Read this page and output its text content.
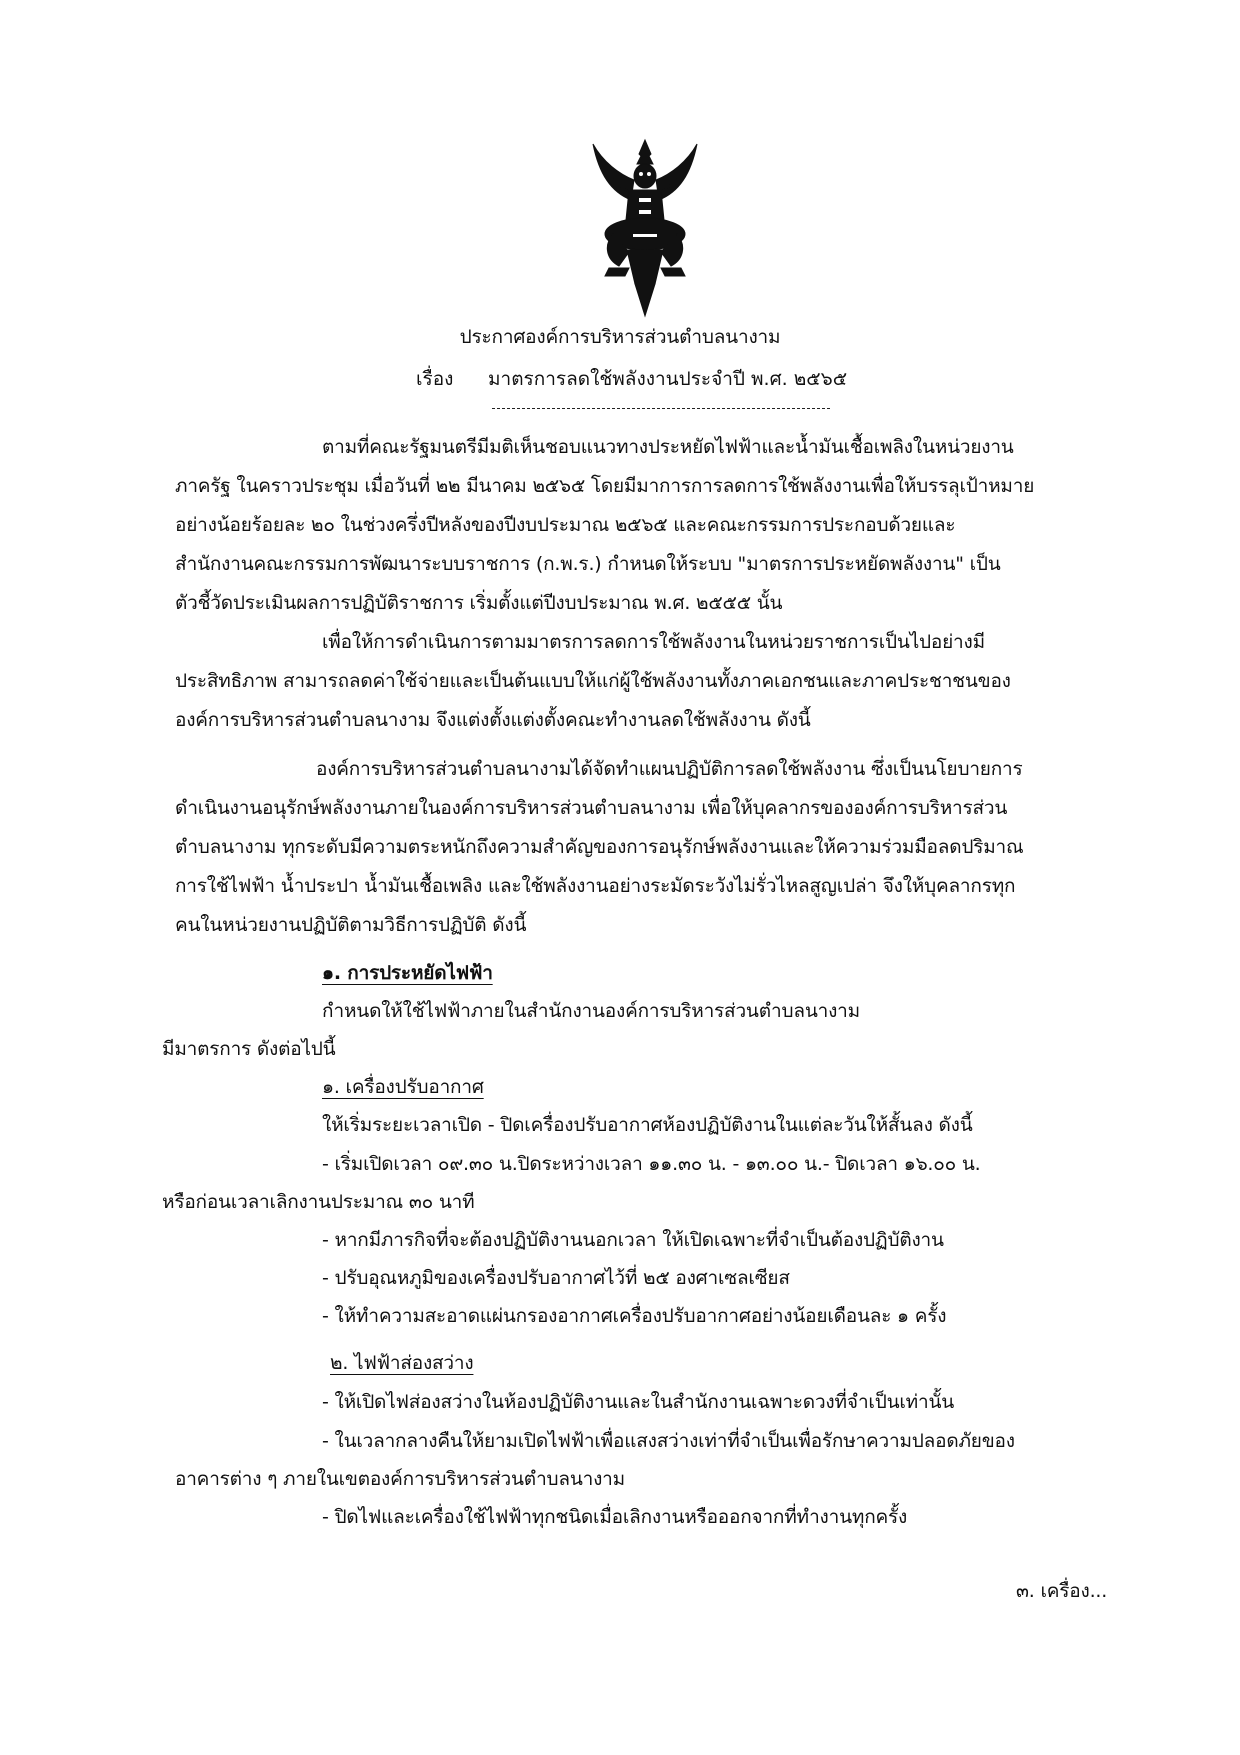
ประกาศองค์การบริหารส่วนตำบลนางาม
เรื่อง มาตรการลดใช้พลังงานประจำปี พ.ศ. ๒๕๖๕
ตามที่คณะรัฐมนตรีมีมติเห็นชอบแนวทางประหยัดไฟฟ้าและน้ำมันเชื้อเพลิงในหน่วยงาน
ภาครัฐ ในคราวประชุม เมื่อวันที่ ๒๒ มีนาคม ๒๕๖๕ โดยมีมาการการลดการใช้พลังงานเพื่อให้บรรลุเป้าหมาย
อย่างน้อยร้อยละ ๒๐ ในช่วงครึ่งปีหลังของปีงบประมาณ ๒๕๖๕ และคณะกรรมการประกอบด้วยและ
สำนักงานคณะกรรมการพัฒนาระบบราชการ (ก.พ.ร.) กำหนดให้ระบบ "มาตรการประหยัดพลังงาน" เป็น
ตัวชี้วัดประเมินผลการปฏิบัติราชการ เริ่มตั้งแต่ปีงบประมาณ พ.ศ. ๒๕๕๕ นั้น
เพื่อให้การดำเนินการตามมาตรการลดการใช้พลังงานในหน่วยราชการเป็นไปอย่างมี
ประสิทธิภาพ สามารถลดค่าใช้จ่ายและเป็นต้นแบบให้แก่ผู้ใช้พลังงานทั้งภาคเอกชนและภาคประชาชนของ
องค์การบริหารส่วนตำบลนางาม จึงแต่งตั้งแต่งตั้งคณะทำงานลดใช้พลังงาน ดังนี้
องค์การบริหารส่วนตำบลนางามได้จัดทำแผนปฏิบัติการลดใช้พลังงาน ซึ่งเป็นนโยบายการ
ดำเนินงานอนุรักษ์พลังงานภายในองค์การบริหารส่วนตำบลนางาม เพื่อให้บุคลากรขององค์การบริหารส่วน
ตำบลนางาม ทุกระดับมีความตระหนักถึงความสำคัญของการอนุรักษ์พลังงานและให้ความร่วมมือลดปริมาณ
การใช้ไฟฟ้า น้ำประปา น้ำมันเชื้อเพลิง และใช้พลังงานอย่างระมัดระวังไม่รั่วไหลสูญเปล่า จึงให้บุคลากรทุก
คนในหน่วยงานปฏิบัติตามวิธีการปฏิบัติ ดังนี้
๑. การประหยัดไฟฟ้า
กำหนดให้ใช้ไฟฟ้าภายในสำนักงานองค์การบริหารส่วนตำบลนางาม
มีมาตรการ ดังต่อไปนี้
๑. เครื่องปรับอากาศ
ให้เริ่มระยะเวลาเปิด - ปิดเครื่องปรับอากาศห้องปฏิบัติงานในแต่ละวันให้สั้นลง ดังนี้
- เริ่มเปิดเวลา ๐๙.๓๐ น.ปิดระหว่างเวลา ๑๑.๓๐ น. - ๑๓.๐๐ น.- ปิดเวลา ๑๖.๐๐ น.
หรือก่อนเวลาเลิกงานประมาณ ๓๐ นาที
- หากมีภารกิจที่จะต้องปฏิบัติงานนอกเวลา ให้เปิดเฉพาะที่จำเป็นต้องปฏิบัติงาน
- ปรับอุณหภูมิของเครื่องปรับอากาศไว้ที่ ๒๕ องศาเซลเซียส
- ให้ทำความสะอาดแผ่นกรองอากาศเครื่องปรับอากาศอย่างน้อยเดือนละ ๑ ครั้ง
๒. ไฟฟ้าส่องสว่าง
- ให้เปิดไฟส่องสว่างในห้องปฏิบัติงานและในสำนักงานเฉพาะดวงที่จำเป็นเท่านั้น
- ในเวลากลางคืนให้ยามเปิดไฟฟ้าเพื่อแสงสว่างเท่าที่จำเป็นเพื่อรักษาความปลอดภัยของ
อาคารต่าง ๆ ภายในเขตองค์การบริหารส่วนตำบลนางาม
- ปิดไฟและเครื่องใช้ไฟฟ้าทุกชนิดเมื่อเลิกงานหรือออกจากที่ทำงานทุกครั้ง
๓. เครื่อง...
